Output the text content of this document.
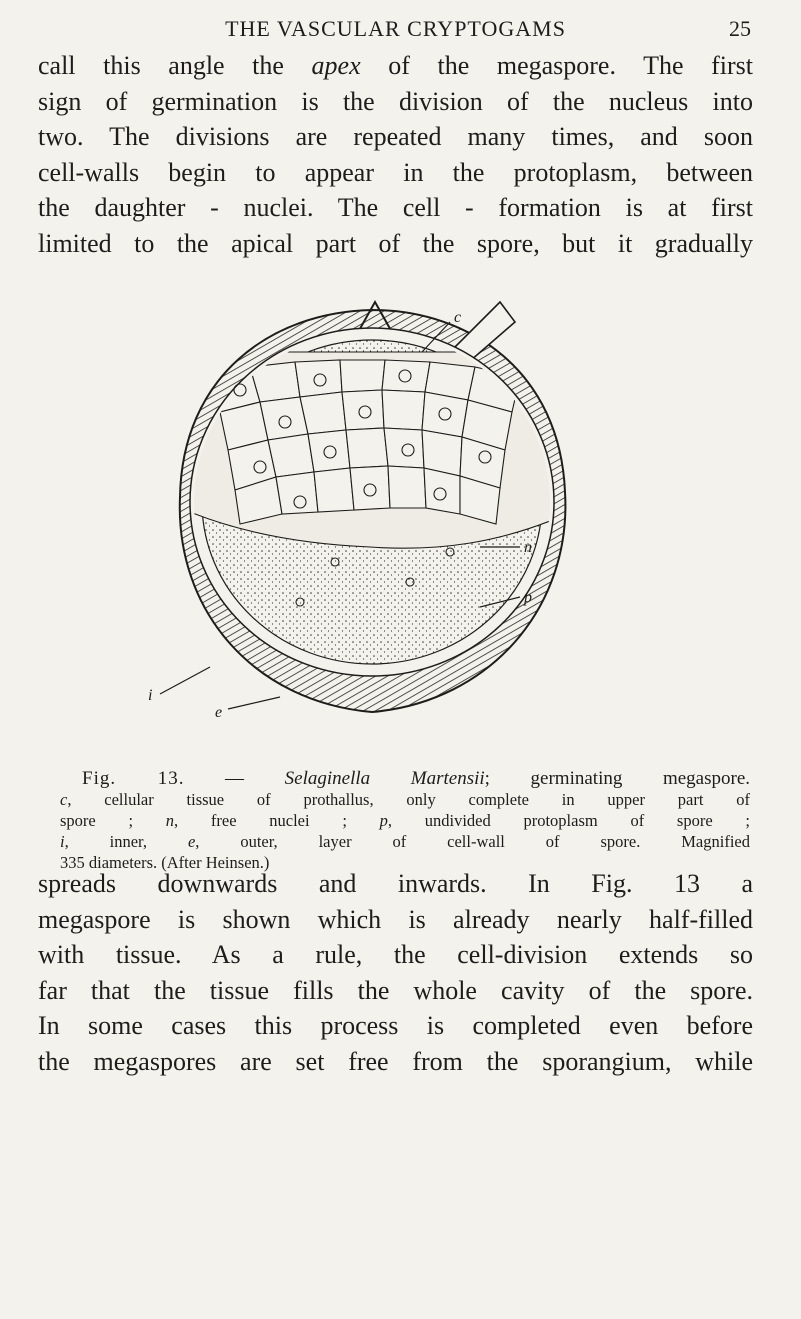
THE VASCULAR CRYPTOGAMS	25
call this angle the apex of the megaspore. The first
sign of germination is the division of the nucleus into
two. The divisions are repeated many times, and soon
cell-walls begin to appear in the protoplasm, between
the daughter - nuclei. The cell - formation is at first
limited to the apical part of the spore, but it gradually
c
n
p
i
e
Fig. 13. — Selaginella Martensii; germinating megaspore.
c, cellular tissue of prothallus, only complete in upper part of
spore ; n, free nuclei ; p, undivided protoplasm of spore ;
i, inner, e, outer, layer of cell-wall of spore. Magnified
335 diameters. (After Heinsen.)
spreads downwards and inwards. In Fig. 13 a
megaspore is shown which is already nearly half-filled
with tissue. As a rule, the cell-division extends so
far that the tissue fills the whole cavity of the spore.
In some cases this process is completed even before
the megaspores are set free from the sporangium, while
